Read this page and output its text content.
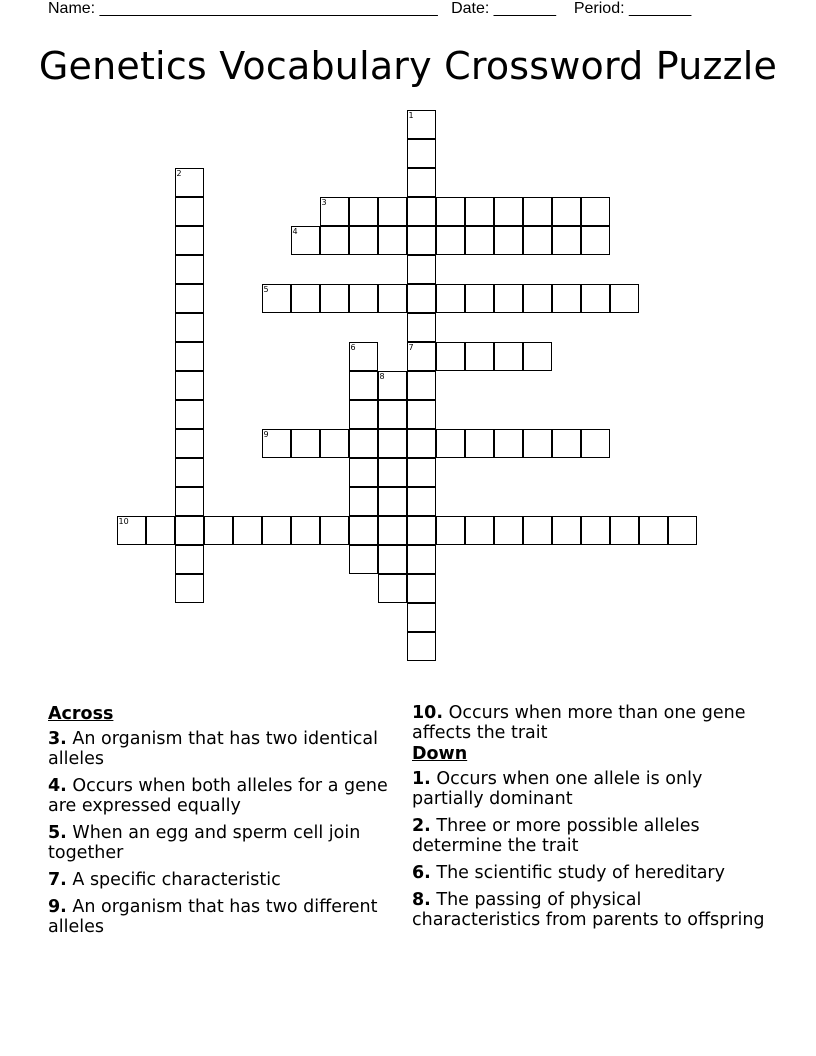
Name: ______________________________________ Date: _______ Period: _______
Genetics Vocabulary Crossword Puzzle
1
7
2
3
4
5
6
8
9
10
Across
3. An organism that has two identical alleles
4. Occurs when both alleles for a gene are expressed equally
5. When an egg and sperm cell join together
7. A specific characteristic
9. An organism that has two different alleles
10. Occurs when more than one gene affects the trait
Down
1. Occurs when one allele is only partially dominant
2. Three or more possible alleles determine the trait
6. The scientific study of hereditary
8. The passing of physical characteristics from parents to offspring
